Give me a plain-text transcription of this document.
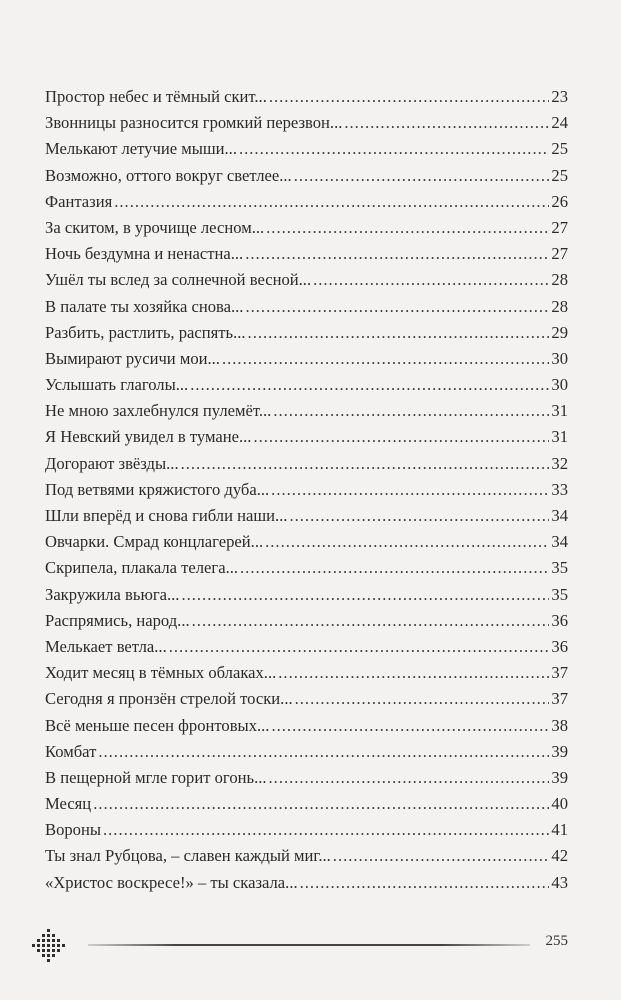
Простор небес и тёмный скит... .....	23
Звонницы разносится громкий перезвон... .....	24
Мелькают летучие мыши... .....	25
Возможно, оттого вокруг светлее... .....	25
Фантазия .....	26
За скитом, в урочище лесном... .....	27
Ночь бездумна и ненастна... .....	27
Ушёл ты вслед за солнечной весной... .....	28
В палате ты хозяйка снова... .....	28
Разбить, растлить, распять... .....	29
Вымирают русичи мои... .....	30
Услышать глаголы... .....	30
Не мною захлебнулся пулемёт... .....	31
Я Невский увидел в тумане... .....	31
Догорают звёзды... .....	32
Под ветвями кряжистого дуба... .....	33
Шли вперёд и снова гибли наши... .....	34
Овчарки. Смрад концлагерей... .....	34
Скрипела, плакала телега... .....	35
Закружила вьюга... .....	35
Распрямись, народ... .....	36
Мелькает ветла... .....	36
Ходит месяц в тёмных облаках... .....	37
Сегодня я пронзён стрелой тоски... .....	37
Всё меньше песен фронтовых... .....	38
Комбат .....	39
В пещерной мгле горит огонь... .....	39
Месяц .....	40
Вороны .....	41
Ты знал Рубцова, – славен каждый миг... .....	42
«Христос воскресе!» – ты сказала... .....	43
255
